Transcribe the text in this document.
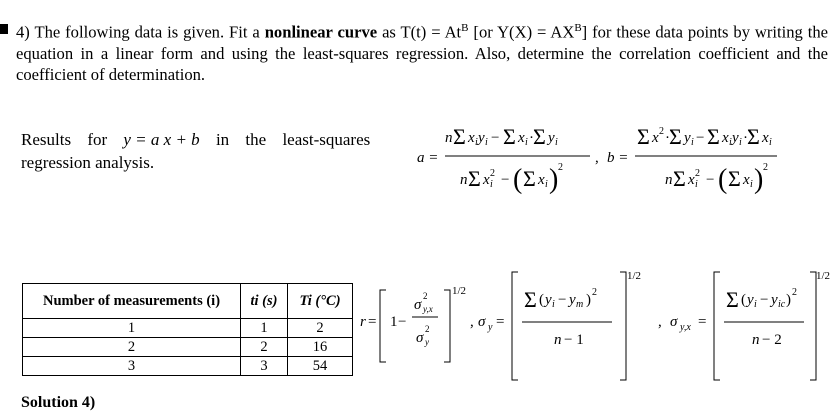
4) The following data is given. Fit a nonlinear curve as $T(t) = At^B$ [or $Y(X) = AX^B$] for these data points by writing the equation in a linear form and using the least-squares regression. Also, determine the correlation coefficient and the coefficient of determination.
Results for y = a x + b in the least-squares
regression analysis.	a =
n Σ x i y i − Σ x i · Σ y i
n Σ x 2
i − ( Σ x i ) 2
, b =
Σ x 2 · Σ y i − Σ x i y i · Σ x i
n Σ x 2
i − ( Σ x i ) 2
Number of measurements (i)	ti (s)	Ti (°C)
1	1	2
2	2	16
3	3	54
r = 1 −
σ
2
y,x
σ
2
y
1/2
, σ y =
Σ ( y i − y m ) 2
n − 1
1/2
, σ y,x =
Σ ( y i − y ic ) 2
n − 2
1/2
Solution 4)
